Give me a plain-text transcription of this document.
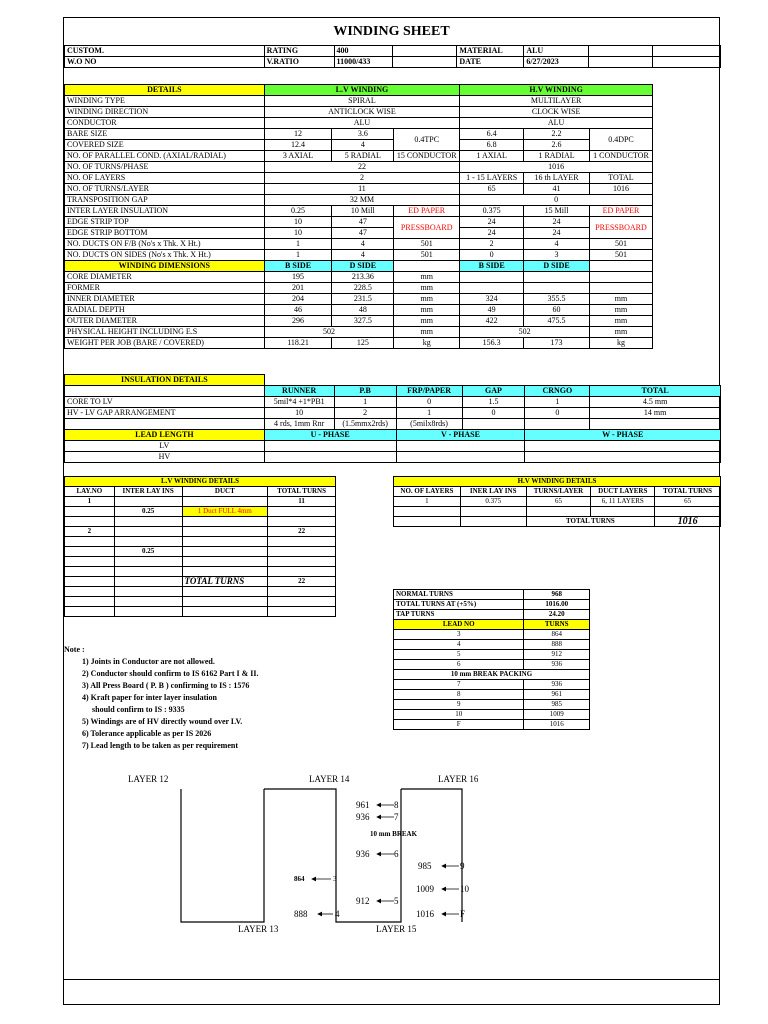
WINDING SHEET
CUSTOM.	RATING	400		MATERIAL	ALU		
W.O NO	V.RATIO	11000/433		DATE	6/27/2023		
DETAILS	L.V WINDING			H.V WINDING		
WINDING TYPE	SPIRAL			MULTILAYER		
WINDING DIRECTION	ANTICLOCK WISE			CLOCK WISE		
CONDUCTOR	ALU			ALU		
BARE SIZE	12	3.6	0.4TPC	6.4	2.2	0.4DPC
COVERED SIZE	12.4	4		6.8	2.6	
NO. OF PARALLEL COND. (AXIAL/RADIAL)	3 AXIAL	5 RADIAL	15 CONDUCTOR	1 AXIAL	1 RADIAL	1 CONDUCTOR
NO. OF TURNS/PHASE	22			1016		
NO. OF LAYERS	2			1 - 15 LAYERS	16 th LAYER	TOTAL
NO. OF TURNS/LAYER	11			65	41	1016
TRANSPOSITION GAP	32 MM			0		
INTER LAYER INSULATION	0.25	10 Mill	ED PAPER	0.375	15 Mill	ED PAPER
EDGE STRIP TOP	10	47	PRESSBOARD	24	24	PRESSBOARD
EDGE STRIP BOTTOM	10	47		24	24	
NO. DUCTS ON F/B (No's x Thk. X Ht.)	1	4	501	2	4	501
NO. DUCTS ON SIDES (No's x Thk. X Ht.)	1	4	501	0	3	501
WINDING DIMENSIONS	B SIDE	D SIDE		B SIDE	D SIDE	
CORE DIAMETER	195	213.36	mm			
FORMER	201	228.5	mm			
INNER DIAMETER	204	231.5	mm	324	355.5	mm
RADIAL DEPTH	46	48	mm	49	60	mm
OUTER DIAMETER	296	327.5	mm	422	475.5	mm
PHYSICAL HEIGHT INCLUDING E.S	502		mm	502		mm
WEIGHT PER JOB (BARE / COVERED)	118.21	125	kg	156.3	173	kg
INSULATION DETAILS						
	RUNNER	P.B	FRP/PAPER	GAP	CRNGO	TOTAL
CORE TO LV	5mil*4 +1*PB1	1	0	1.5	1	4.5 mm
HV - LV GAP ARRANGEMENT	10	2	1	0	0	14 mm
	4 rds, 1mm Rnr	(1.5mmx2rds)	(5milx8rds)			
LEAD LENGTH	U - PHASE		V - PHASE		W - PHASE	
LV						
HV						
L.V WINDING DETAILS			
LAY.NO	INTER LAY INS	DUCT	TOTAL TURNS
1			11
	0.25	1 Duct FULL 4mm	

2			22

	0.25		

		TOTAL TURNS	22

H.V WINDING DETAILS				
NO. OF LAYERS	INER LAY INS	TURNS/LAYER	DUCT LAYERS	TOTAL TURNS
1	0.375	65	6, 11 LAYERS	65

		TOTAL TURNS		1016
NORMAL TURNS	968
TOTAL TURNS AT (+5%)	1016.00
TAP TURNS	24.20
LEAD NO	TURNS
3	864
4	888
5	912
6	936
10 mm BREAK PACKING	
7	936
8	961
9	985
10	1009
F	1016
Note :
1) Joints in Conductor are not allowed.
2) Conductor should confirm to IS 6162 Part I & II.
3) All Press Board ( P. B ) confirming to IS : 1576
4) Kraft paper for inter layer insulation
should confirm to IS : 9335
5) Windings are of HV directly wound over LV.
6) Tolerance applicable as per IS 2026
7) Lead length to be taken as per requirement
LAYER 12
LAYER 13
LAYER 14
LAYER 15
LAYER 16
10 mm BREAK
864	3
888	4
912	5
936	6
936	7
961	8
985	9
1009	10
1016	F
